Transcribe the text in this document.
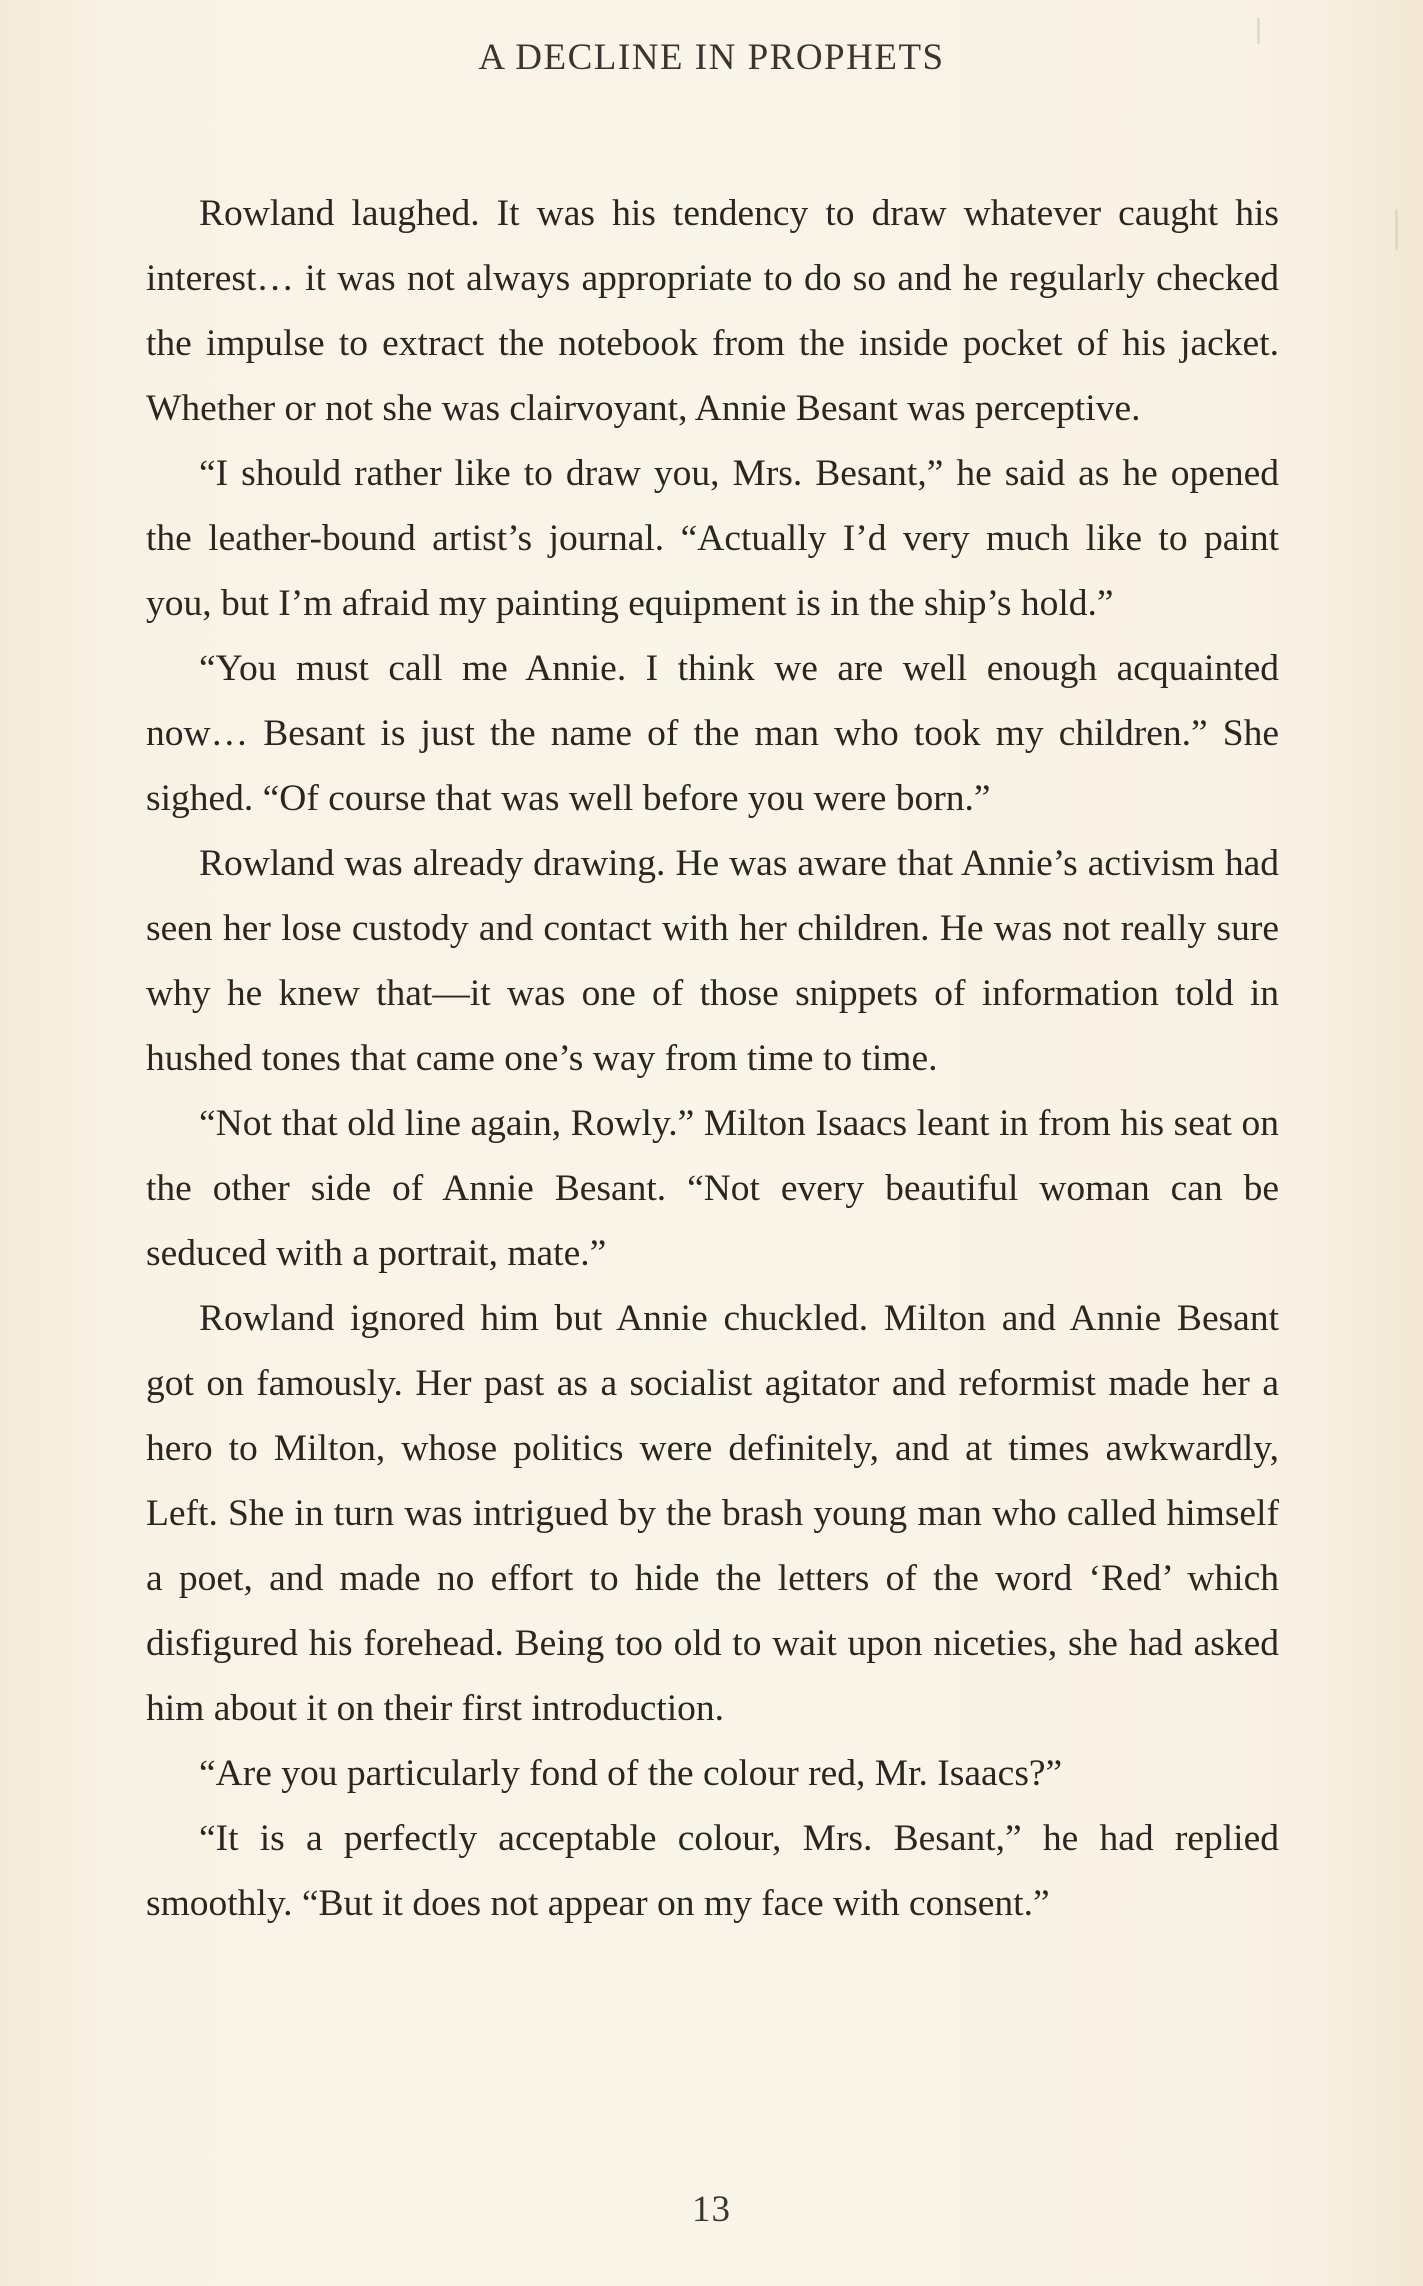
A DECLINE IN PROPHETS

Rowland laughed. It was his tendency to draw whatever caught his interest… it was not always appropriate to do so and he regularly checked the impulse to extract the notebook from the inside pocket of his jacket. Whether or not she was clairvoyant, Annie Besant was perceptive.

“I should rather like to draw you, Mrs. Besant,” he said as he opened the leather-bound artist’s journal. “Actually I’d very much like to paint you, but I’m afraid my painting equipment is in the ship’s hold.”

“You must call me Annie. I think we are well enough acquainted now… Besant is just the name of the man who took my children.” She sighed. “Of course that was well before you were born.”

Rowland was already drawing. He was aware that Annie’s activism had seen her lose custody and contact with her children. He was not really sure why he knew that—it was one of those snippets of information told in hushed tones that came one’s way from time to time.

“Not that old line again, Rowly.” Milton Isaacs leant in from his seat on the other side of Annie Besant. “Not every beautiful woman can be seduced with a portrait, mate.”

Rowland ignored him but Annie chuckled. Milton and Annie Besant got on famously. Her past as a socialist agitator and reformist made her a hero to Milton, whose politics were definitely, and at times awkwardly, Left. She in turn was intrigued by the brash young man who called himself a poet, and made no effort to hide the letters of the word ‘Red’ which disfigured his forehead. Being too old to wait upon niceties, she had asked him about it on their first introduction.

“Are you particularly fond of the colour red, Mr. Isaacs?”

“It is a perfectly acceptable colour, Mrs. Besant,” he had replied smoothly. “But it does not appear on my face with consent.”

13
